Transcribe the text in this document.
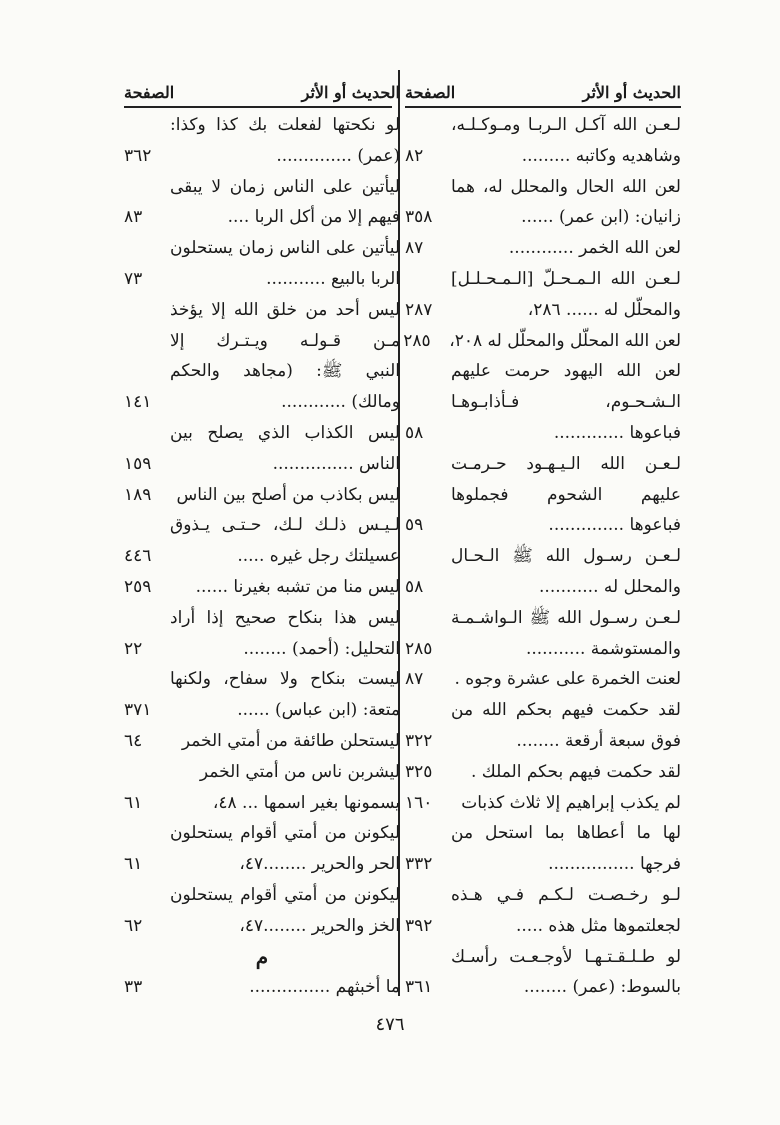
الحديث أو الأثر
الصفحة
لـعـن الله آكـل الـربـا ومـوكـلـه،
وشاهديه وكاتبه .........
٨٢
لعن الله الحال والمحلل له، هما
زانيان: (ابن عمر) ......
٣٥٨
لعن الله الخمر ............
٨٧
لـعـن الله الـمـحـلّ [الـمـحـلـل]
والمحلّل له ...... ٢٨٦،
٢٨٧
لعن الله المحلّل والمحلّل له ٢٠٨،
٢٨٥
لعن الله اليهود حرمت عليهم
الـشـحـوم، فـأذابـوهـا
فباعوها .............
٥٨
لـعـن الله الـيـهـود حـرمـت
عليهم الشحوم فجملوها
فباعوها ..............
٥٩
لـعـن رسـول الله ﷺ الـحـال
والمحلل له ...........
٥٨
لـعـن رسـول الله ﷺ الـواشـمـة
والمستوشمة ...........
٢٨٥
لعنت الخمرة على عشرة وجوه .
٨٧
لقد حكمت فيهم بحكم الله من
فوق سبعة أرقعة ........
٣٢٢
لقد حكمت فيهم بحكم الملك .
٣٢٥
لم يكذب إبراهيم إلا ثلاث كذبات
١٦٠
لها ما أعطاها بما استحل من
فرجها ................
٣٣٢
لـو رخـصـت لـكـم فـي هـذه
لجعلتموها مثل هذه .....
٣٩٢
لو طـلـقـتـهـا لأوجـعـت رأسـك
بالسوط: (عمر) ........
٣٦١
الحديث أو الأثر
الصفحة
لو نكحتها لفعلت بك كذا وكذا:
(عمر) ..............
٣٦٢
ليأتين على الناس زمان لا يبقى
فيهم إلا من أكل الربا ....
٨٣
ليأتين على الناس زمان يستحلون
الربا بالبيع ...........
٧٣
ليس أحد من خلق الله إلا يؤخذ
مـن قـولـه ويـتـرك إلا
النبي ﷺ: (مجاهد والحكم
ومالك) ............
١٤١
ليس الكذاب الذي يصلح بين
الناس ...............
١٥٩
ليس بكاذب من أصلح بين الناس
١٨٩
لـيـس ذلـك لـك، حـتـى يـذوق
عسيلتك رجل غيره .....
٤٤٦
ليس منا من تشبه بغيرنا ......
٢٥٩
ليس هذا بنكاح صحيح إذا أراد
التحليل: (أحمد) ........
٢٢
ليست بنكاح ولا سفاح، ولكنها
متعة: (ابن عباس) ......
٣٧١
ليستحلن طائفة من أمتي الخمر
٦٤
ليشربن ناس من أمتي الخمر
يسمونها بغير اسمها ... ٤٨،
٦١
ليكونن من أمتي أقوام يستحلون
الحر والحرير ........٤٧،
٦١
ليكونن من أمتي أقوام يستحلون
الخز والحرير ........٤٧،
٦٢
م
ما أخبثهم ...............
٣٣
٤٧٦
